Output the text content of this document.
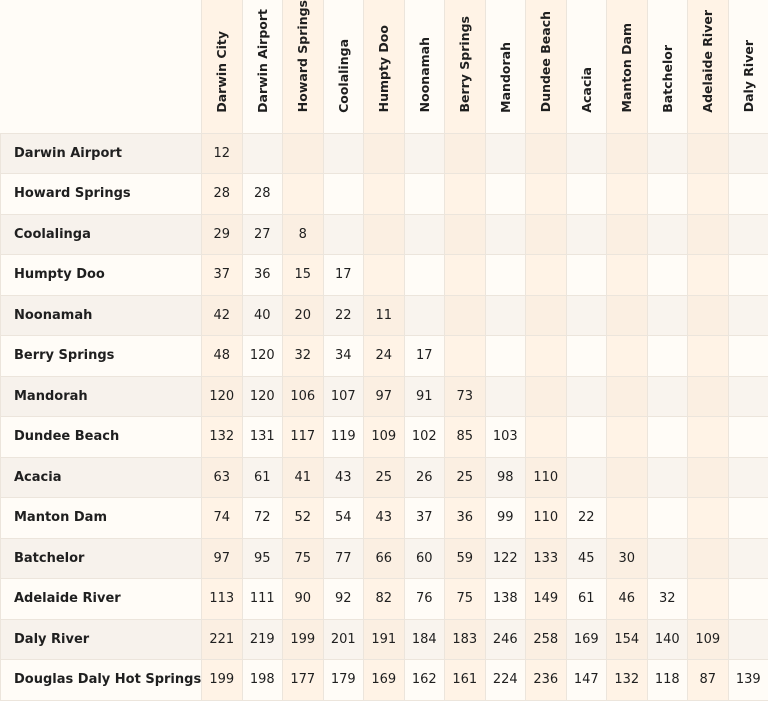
	Darwin City	Darwin Airport	Howard Springs	Coolalinga	Humpty Doo	Noonamah	Berry Springs	Mandorah	Dundee Beach	Acacia	Manton Dam	Batchelor	Adelaide River	Daly River
Darwin Airport	12													
Howard Springs	28	28												
Coolalinga	29	27	8											
Humpty Doo	37	36	15	17										
Noonamah	42	40	20	22	11									
Berry Springs	48	120	32	34	24	17								
Mandorah	120	120	106	107	97	91	73							
Dundee Beach	132	131	117	119	109	102	85	103						
Acacia	63	61	41	43	25	26	25	98	110					
Manton Dam	74	72	52	54	43	37	36	99	110	22				
Batchelor	97	95	75	77	66	60	59	122	133	45	30			
Adelaide River	113	111	90	92	82	76	75	138	149	61	46	32		
Daly River	221	219	199	201	191	184	183	246	258	169	154	140	109	
Douglas Daly Hot Springs	199	198	177	179	169	162	161	224	236	147	132	118	87	139
